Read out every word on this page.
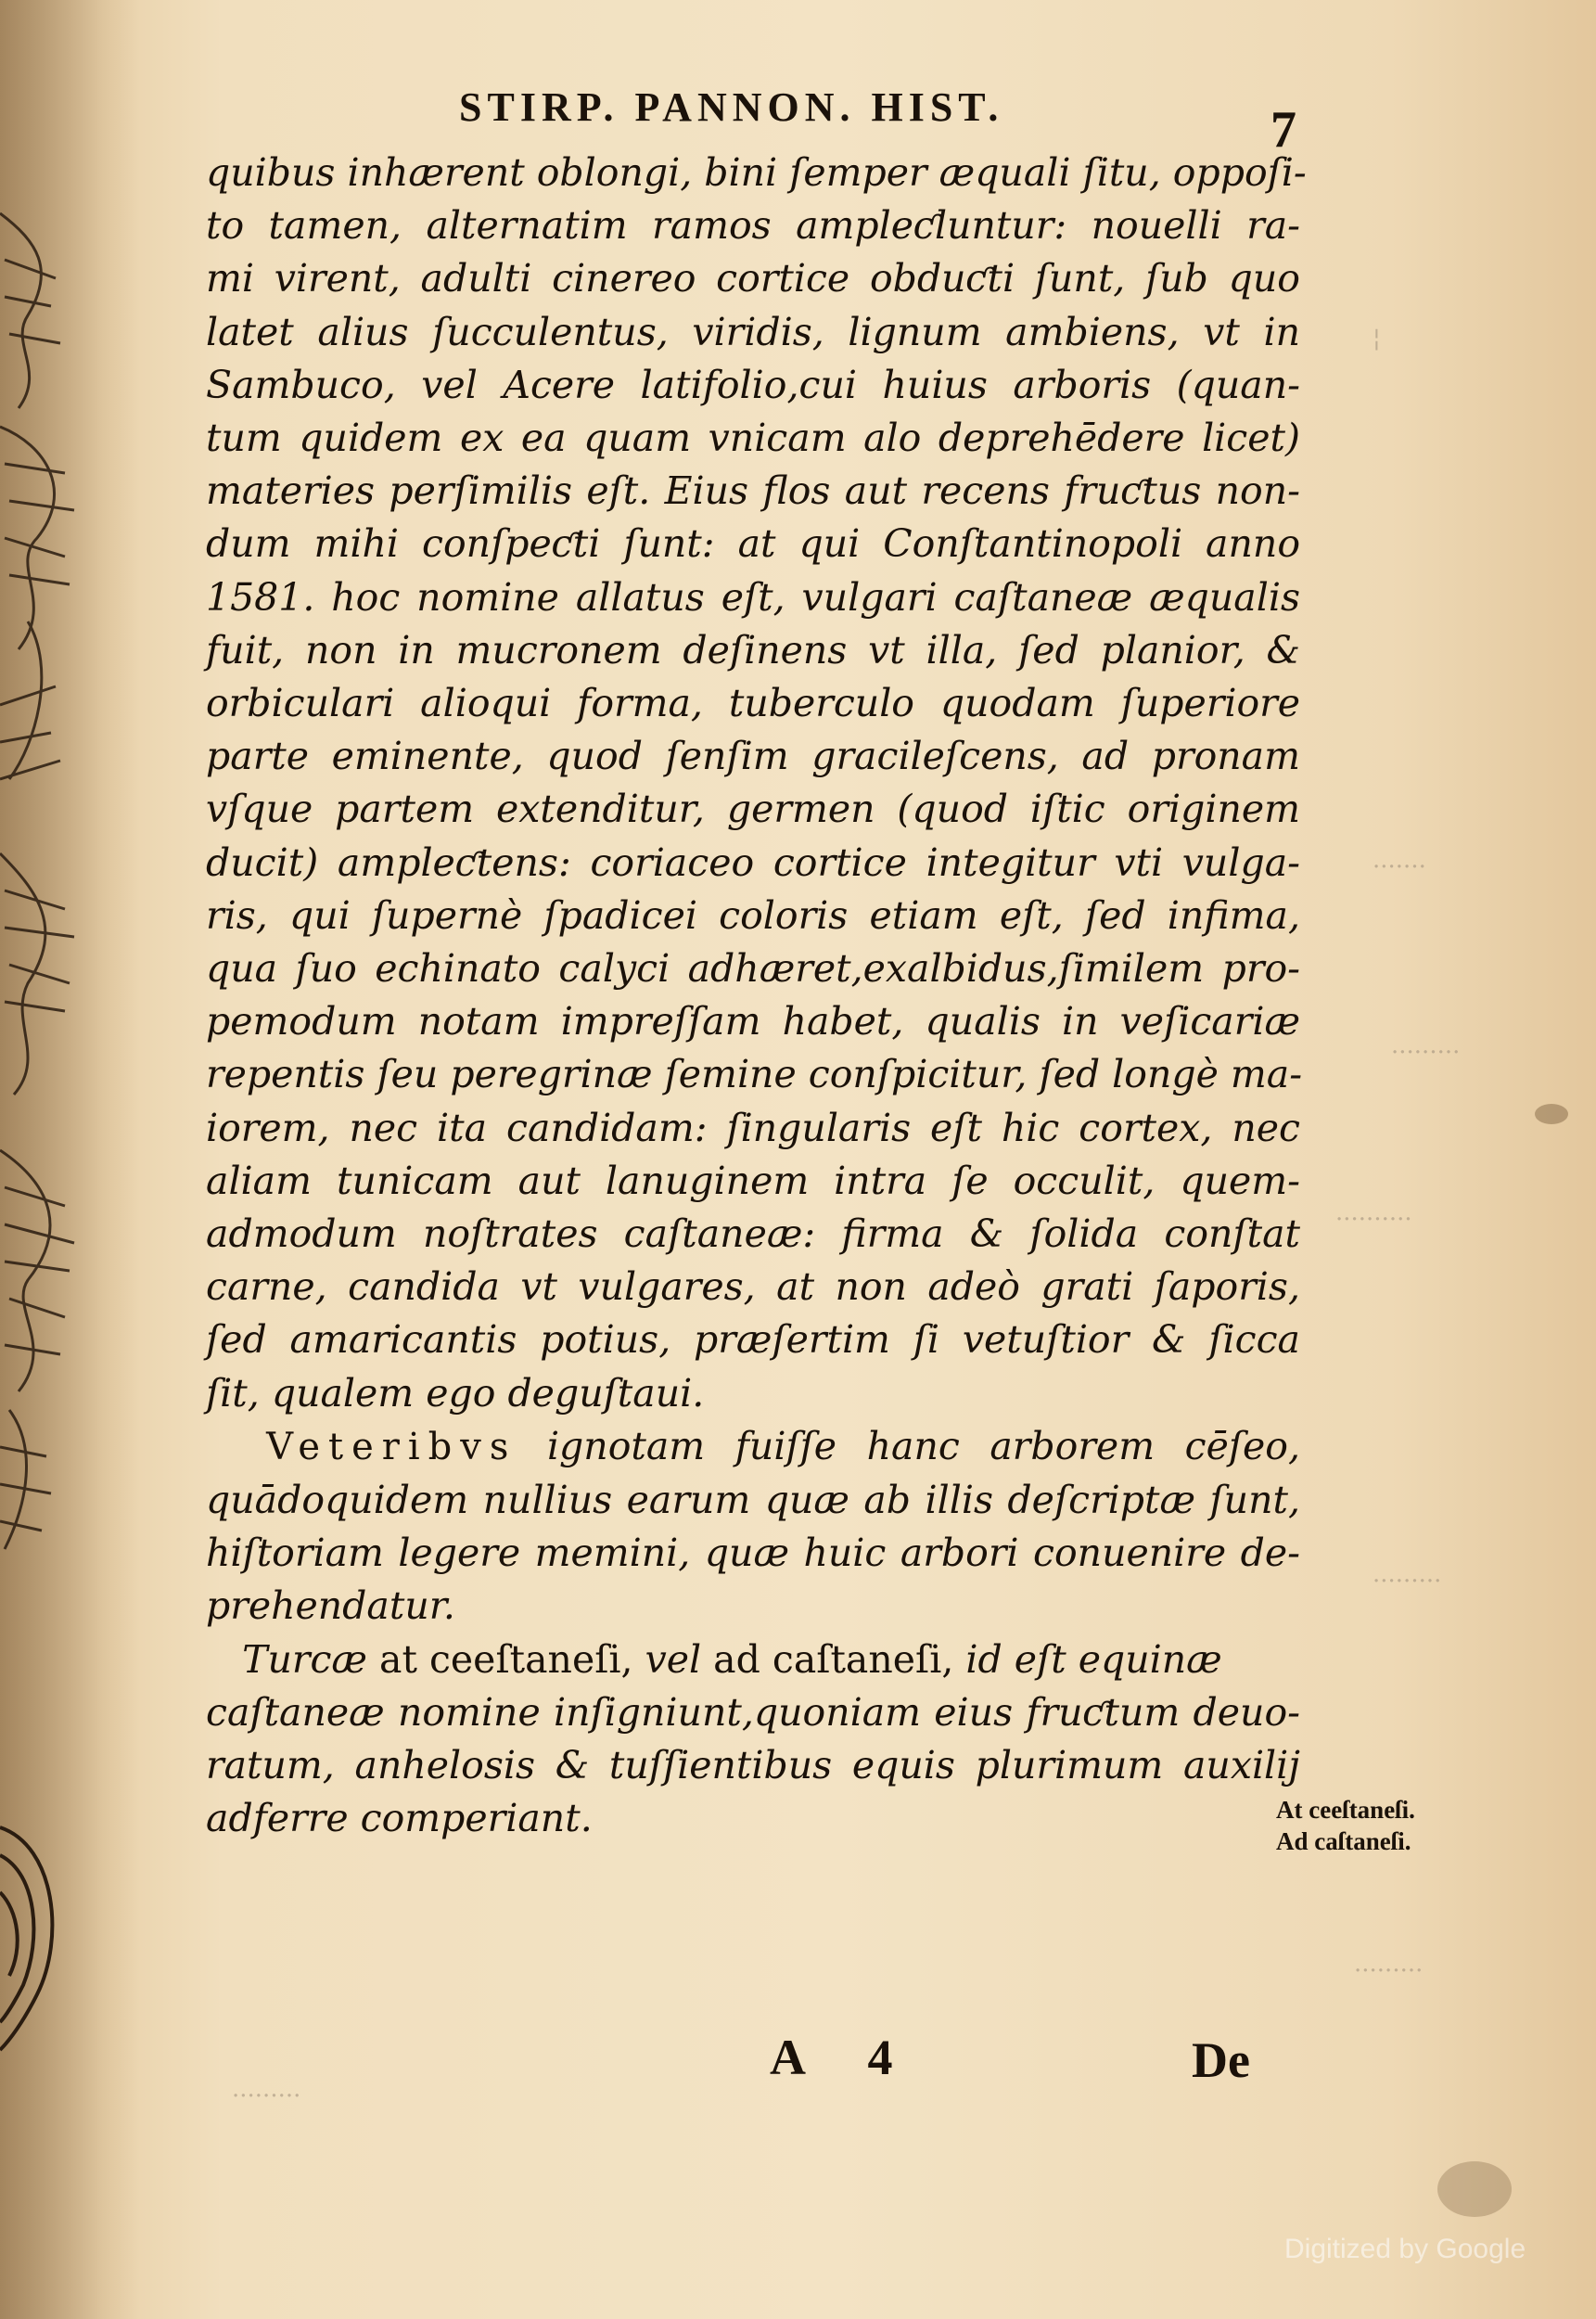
¦
·······
·········
··········
·········
·········
·········
STIRP. PANNON. HIST.	7
quibus inhærent oblongi, bini ſemper æquali ſitu, oppoſi-
to tamen, alternatim ramos ampleƈluntur: nouelli ra-
mi virent, adulti cinereo cortice obduƈti ſunt, ſub quo
latet alius ſucculentus, viridis, lignum ambiens, vt in
Sambuco, vel Acere latifolio,cui huius arboris (quan-
tum quidem ex ea quam vnicam alo deprehēdere licet)
materies perſimilis eſt. Eius flos aut recens fruƈtus non-
dum mihi conſpeƈti ſunt: at qui Conſtantinopoli anno
1581. hoc nomine allatus eſt, vulgari caſtaneæ æqualis
fuit, non in mucronem deſinens vt illa, ſed planior, &
orbiculari alioqui forma, tuberculo quodam ſuperiore
parte eminente, quod ſenſim gracileſcens, ad pronam
vſque partem extenditur, germen (quod iſtic originem
ducit) ampleƈtens: coriaceo cortice integitur vti vulga-
ris, qui ſupernè ſpadicei coloris etiam eſt, ſed infima,
qua ſuo echinato calyci adhæret,exalbidus,ſimilem pro-
pemodum notam impreſſam habet, qualis in veſicariæ
repentis ſeu peregrinæ ſemine conſpicitur, ſed longè ma-
iorem, nec ita candidam: ſingularis eſt hic cortex, nec
aliam tunicam aut lanuginem intra ſe occulit, quem-
admodum noſtrates caſtaneæ: firma & ſolida conſtat
carne, candida vt vulgares, at non adeò grati ſaporis,
ſed amaricantis potius, præſertim ſi vetuſtior & ſicca
ſit, qualem ego deguſtaui.
Veteribvs ignotam fuiſſe hanc arborem cēſeo,
quādoquidem nullius earum quæ ab illis deſcriptæ ſunt,
hiſtoriam legere memini, quæ huic arbori conuenire de-
prehendatur.
Turcæ at ceeſtaneſi, vel ad caſtaneſi, id eſt equinæ
caſtaneæ nomine inſigniunt,quoniam eius fruƈtum deuo-
ratum, anhelosis & tuſſientibus equis plurimum auxilij
adferre comperiant.	At ceeſtaneſi.
Ad caſtaneſi.
A 4	De
Digitized by Google
